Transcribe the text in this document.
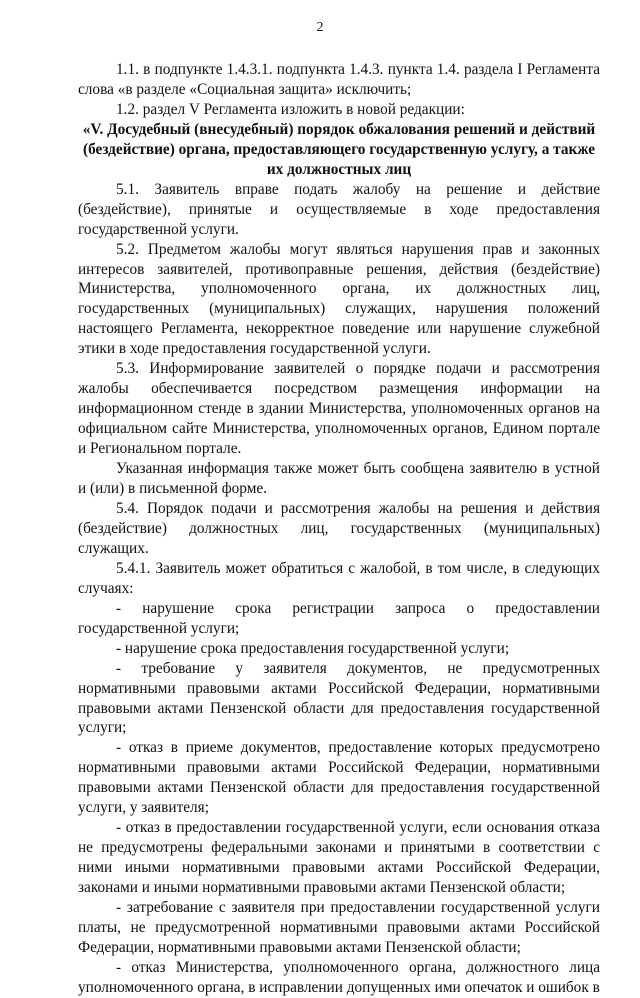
2

1.1. в подпункте 1.4.3.1. подпункта 1.4.3. пункта 1.4. раздела I Регламента слова «в разделе «Социальная защита» исключить;

1.2. раздел V Регламента изложить в новой редакции:

«V. Досудебный (внесудебный) порядок обжалования решений и действий (бездействие) органа, предоставляющего государственную услугу, а также их должностных лиц

5.1. Заявитель вправе подать жалобу на решение и действие (бездействие), принятые и осуществляемые в ходе предоставления государственной услуги.

5.2. Предметом жалобы могут являться нарушения прав и законных интересов заявителей, противоправные решения, действия (бездействие) Министерства, уполномоченного органа, их должностных лиц, государственных (муниципальных) служащих, нарушения положений настоящего Регламента, некорректное поведение или нарушение служебной этики в ходе предоставления государственной услуги.

5.3. Информирование заявителей о порядке подачи и рассмотрения жалобы обеспечивается посредством размещения информации на информационном стенде в здании Министерства, уполномоченных органов на официальном сайте Министерства, уполномоченных органов, Едином портале и Региональном портале.

Указанная информация также может быть сообщена заявителю в устной и (или) в письменной форме.

5.4. Порядок подачи и рассмотрения жалобы на решения и действия (бездействие) должностных лиц, государственных (муниципальных) служащих.

5.4.1. Заявитель может обратиться с жалобой, в том числе, в следующих случаях:

- нарушение срока регистрации запроса о предоставлении государственной услуги;

- нарушение срока предоставления государственной услуги;

- требование у заявителя документов, не предусмотренных нормативными правовыми актами Российской Федерации, нормативными правовыми актами Пензенской области для предоставления государственной услуги;

- отказ в приеме документов, предоставление которых предусмотрено нормативными правовыми актами Российской Федерации, нормативными правовыми актами Пензенской области для предоставления государственной услуги, у заявителя;

- отказ в предоставлении государственной услуги, если основания отказа не предусмотрены федеральными законами и принятыми в соответствии с ними иными нормативными правовыми актами Российской Федерации, законами и иными нормативными правовыми актами Пензенской области;

- затребование с заявителя при предоставлении государственной услуги платы, не предусмотренной нормативными правовыми актами Российской Федерации, нормативными правовыми актами Пензенской области;

- отказ Министерства, уполномоченного органа, должностного лица уполномоченного органа, в исправлении допущенных ими опечаток и ошибок в
